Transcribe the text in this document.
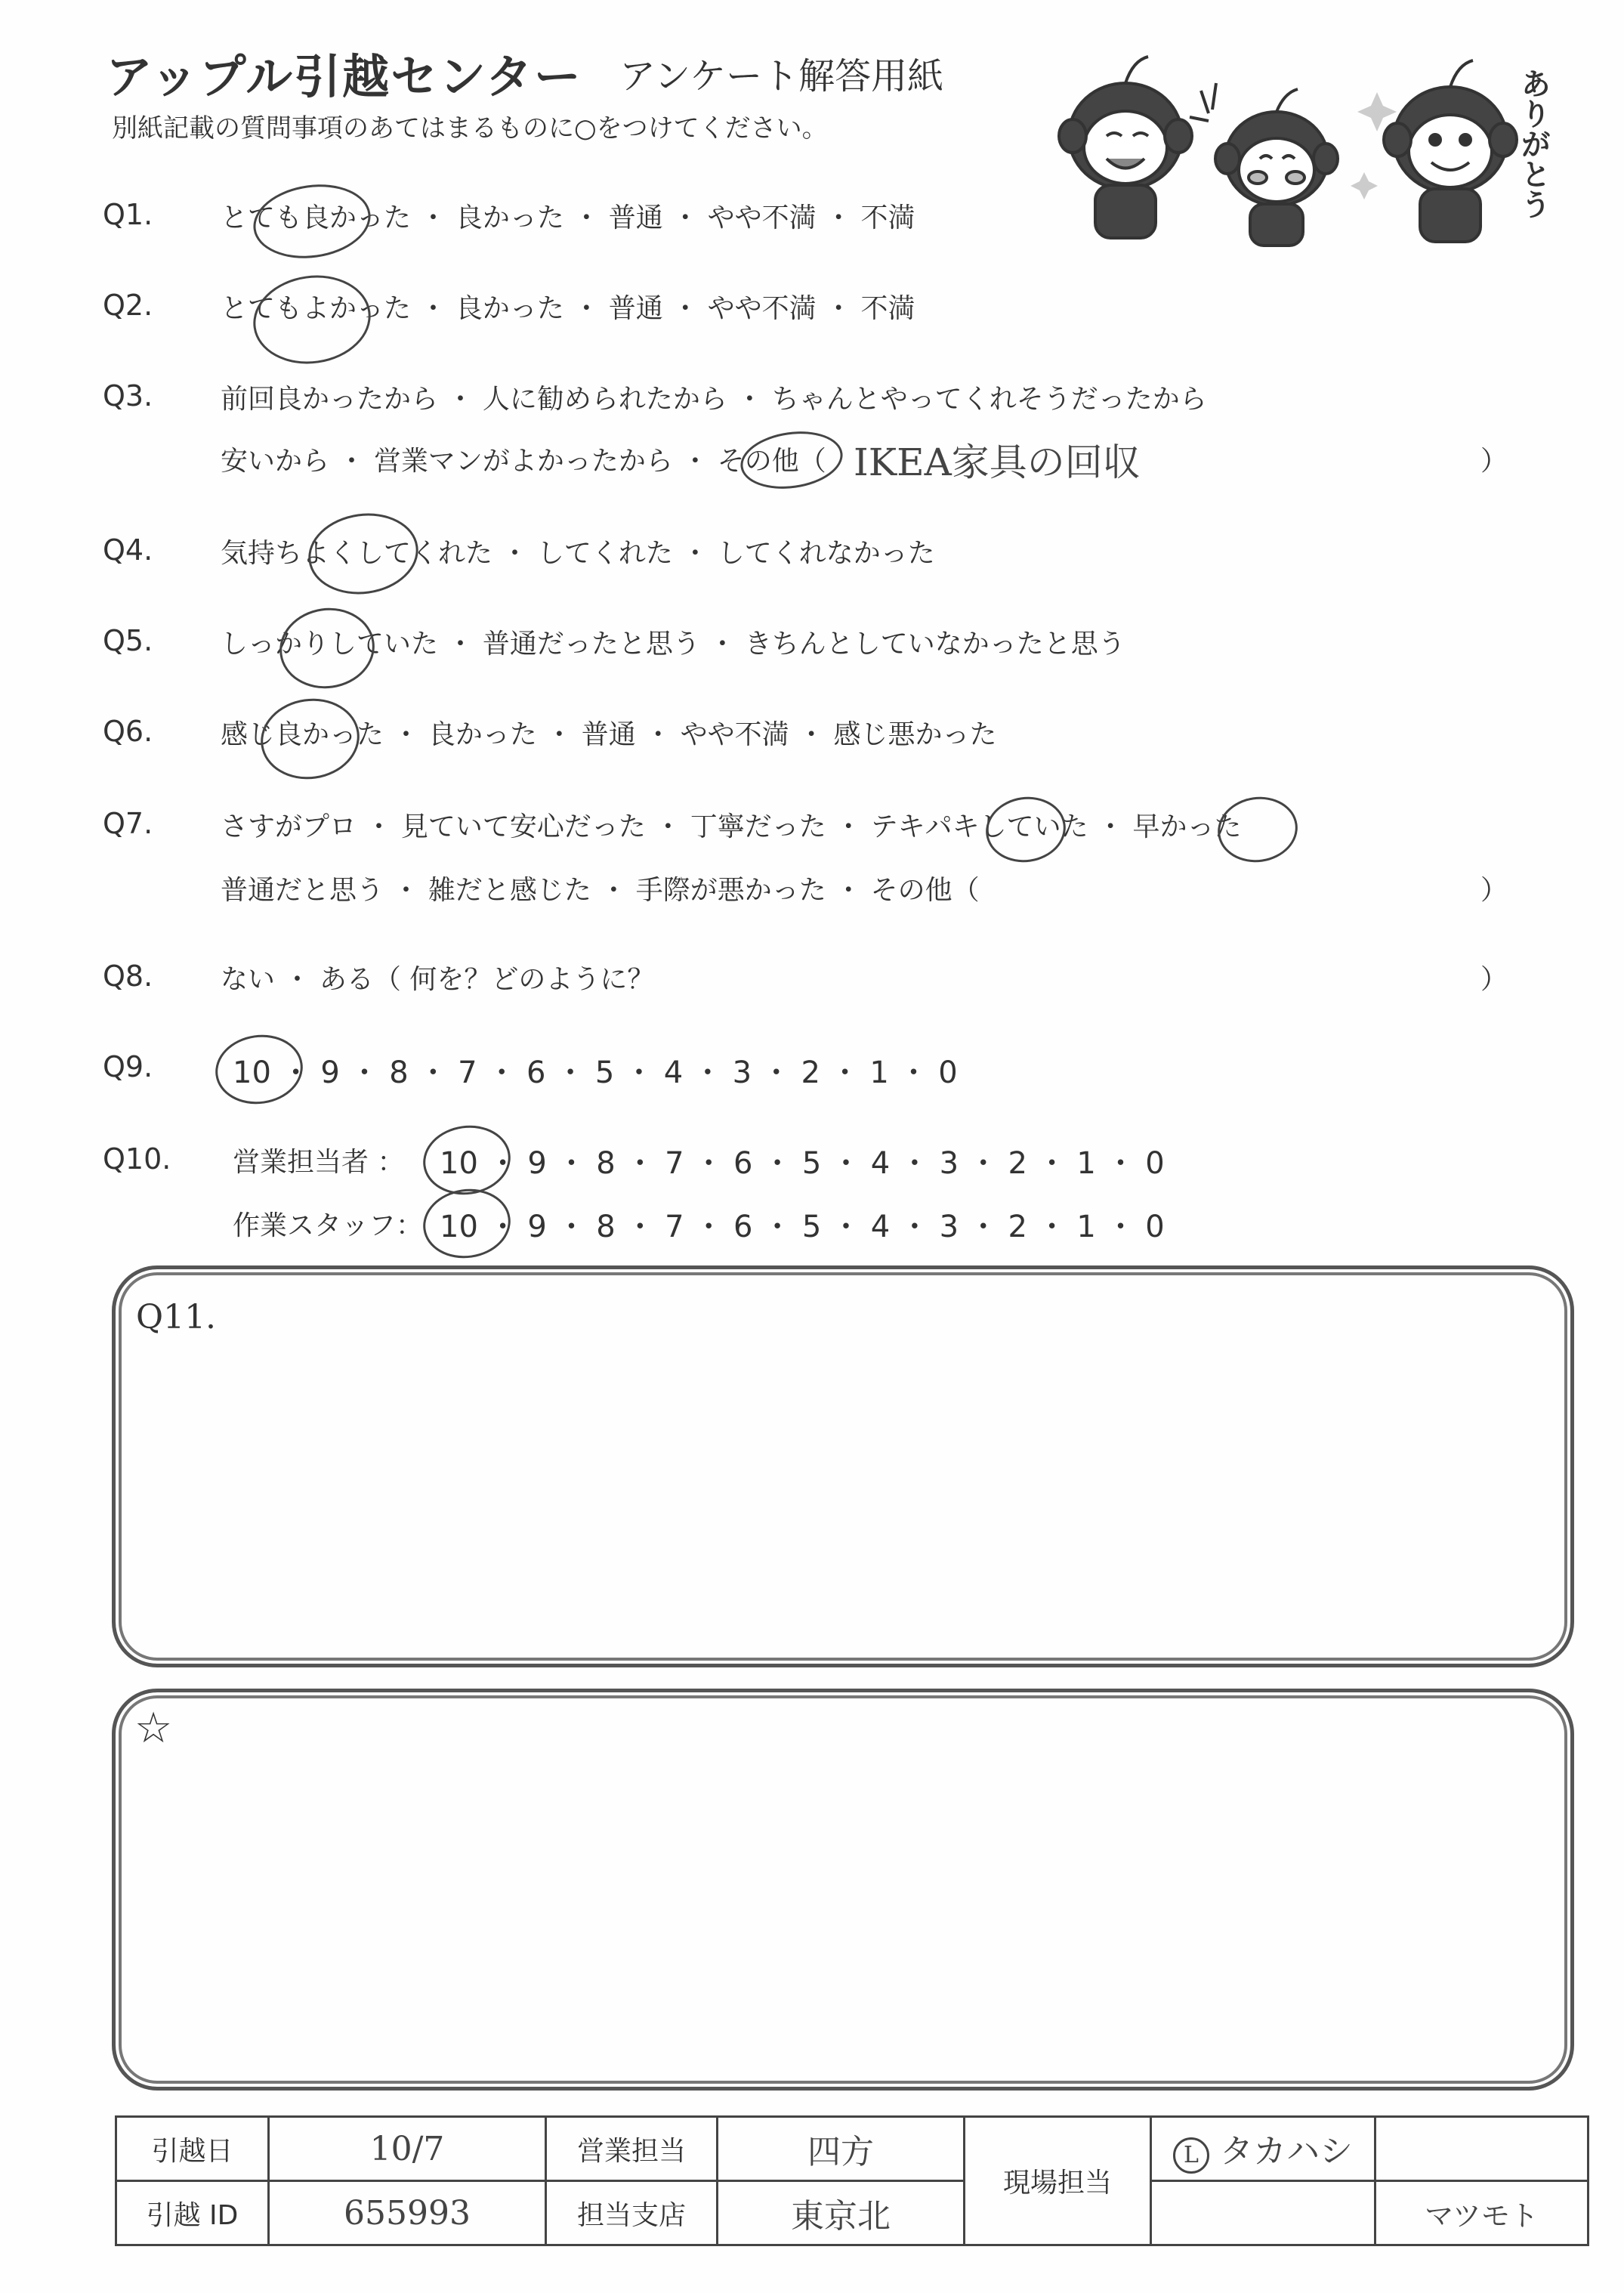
アップル引越センター アンケート解答用紙
別紙記載の質問事項のあてはまるものに○をつけてください。	ありがとう
Q1. とても良かった ・ 良かった ・ 普通 ・ やや不満 ・ 不満
Q2. とてもよかった ・ 良かった ・ 普通 ・ やや不満 ・ 不満
Q3. 前回良かったから ・ 人に勧められたから ・ ちゃんとやってくれそうだったから
安いから ・ 営業マンがよかったから ・ その他（ IKEA家具の回収	）
Q4. 気持ちよくしてくれた ・ してくれた ・ してくれなかった
Q5. しっかりしていた ・ 普通だったと思う ・ きちんとしていなかったと思う
Q6. 感じ良かった ・ 良かった ・ 普通 ・ やや不満 ・ 感じ悪かった
Q7. さすがプロ ・ 見ていて安心だった ・ 丁寧だった ・ テキパキしていた ・ 早かった
普通だと思う ・ 雑だと感じた ・ 手際が悪かった ・ その他（	）
Q8. ない ・ ある（ 何を？どのように？	）
Q9.	10 ・ 9 ・ 8 ・ 7 ・ 6 ・ 5 ・ 4 ・ 3 ・ 2 ・ 1 ・ 0
Q10. 営業担当者 ： 10 ・ 9 ・ 8 ・ 7 ・ 6 ・ 5 ・ 4 ・ 3 ・ 2 ・ 1 ・ 0
作業スタッフ： 10 ・ 9 ・ 8 ・ 7 ・ 6 ・ 5 ・ 4 ・ 3 ・ 2 ・ 1 ・ 0
Q11.
☆
引越日	10/7	営業担当	四方	現場担当	L タカハシ	
引越 ID	655993	担当支店	東京北			マツモト
